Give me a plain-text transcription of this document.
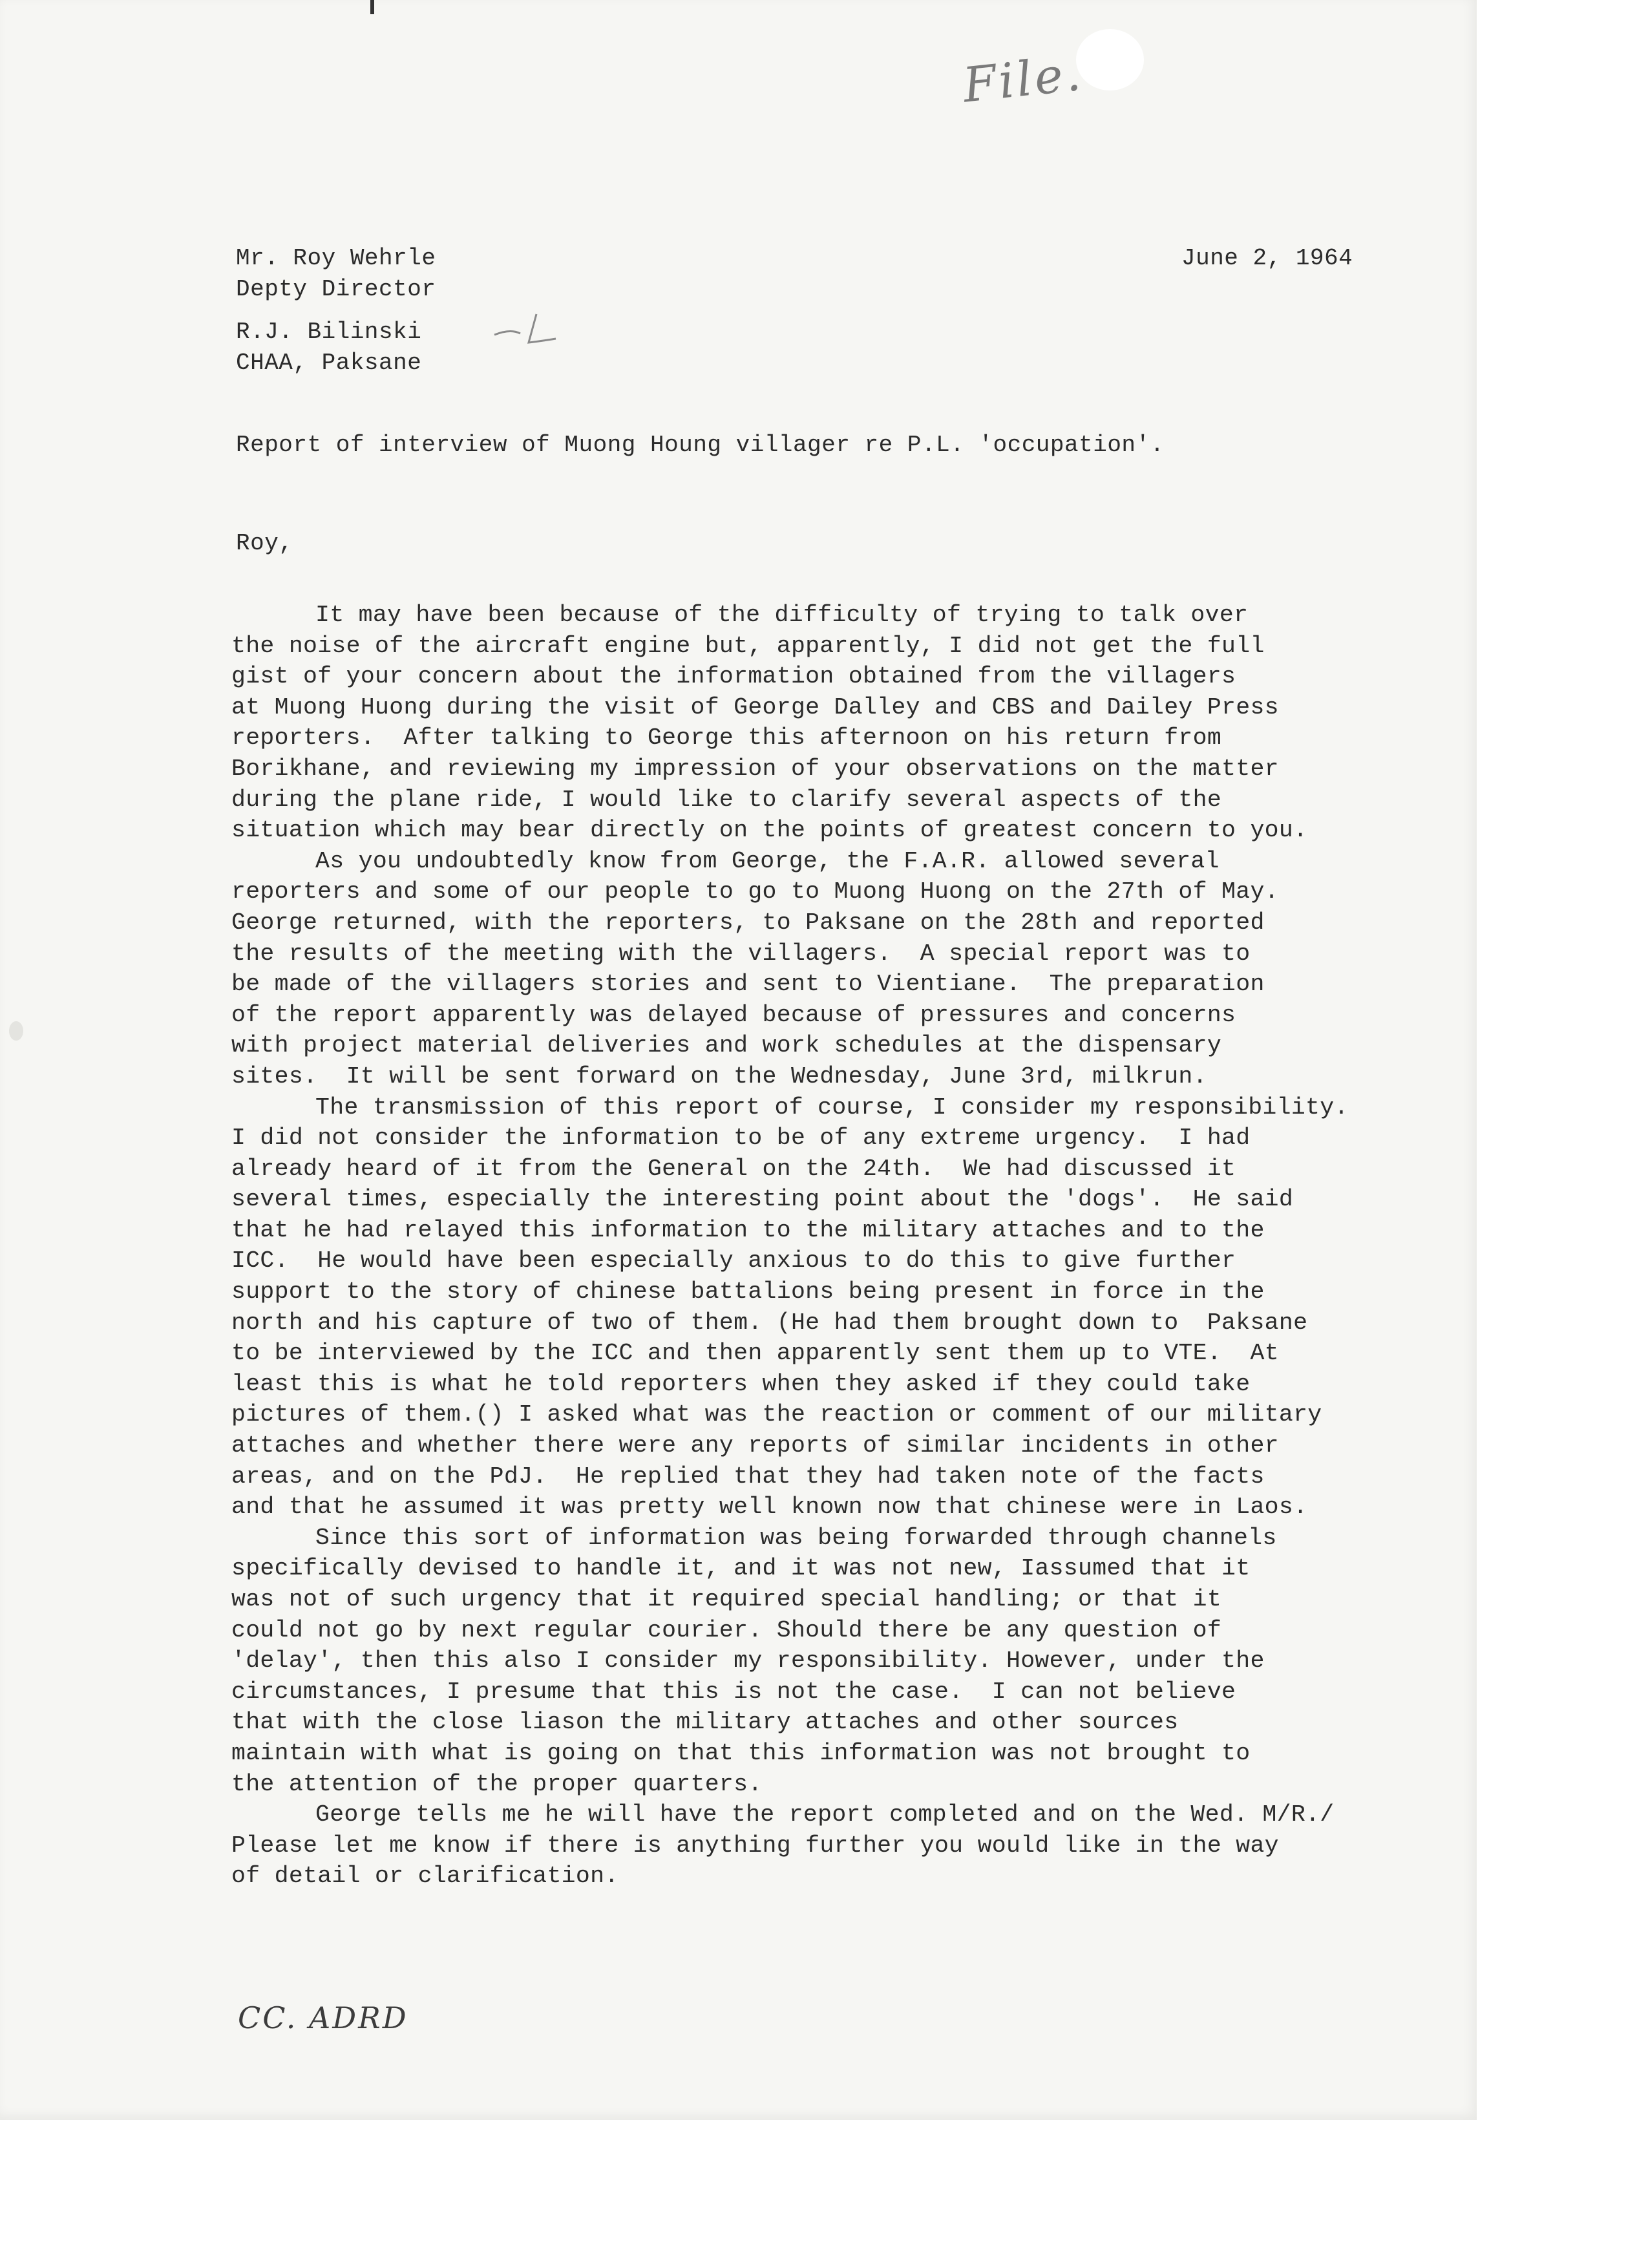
File.
June 2, 1964
Mr. Roy Wehrle
Depty Director
R.J. Bilinski
CHAA, Paksane
Report of interview of Muong Houng villager re P.L. 'occupation'.
Roy,

It may have been because of the difficulty of trying to talk over
the noise of the aircraft engine but, apparently, I did not get the full
gist of your concern about the information obtained from the villagers
at Muong Huong during the visit of George Dalley and CBS and Dailey Press
reporters.  After talking to George this afternoon on his return from
Borikhane, and reviewing my impression of your observations on the matter
during the plane ride, I would like to clarify several aspects of the
situation which may bear directly on the points of greatest concern to you.

As you undoubtedly know from George, the F.A.R. allowed several
reporters and some of our people to go to Muong Huong on the 27th of May.
George returned, with the reporters, to Paksane on the 28th and reported
the results of the meeting with the villagers.  A special report was to
be made of the villagers stories and sent to Vientiane.  The preparation
of the report apparently was delayed because of pressures and concerns
with project material deliveries and work schedules at the dispensary
sites.  It will be sent forward on the Wednesday, June 3rd, milkrun.

The transmission of this report of course, I consider my responsibility.
I did not consider the information to be of any extreme urgency.  I had
already heard of it from the General on the 24th.  We had discussed it
several times, especially the interesting point about the 'dogs'.  He said
that he had relayed this information to the military attaches and to the
ICC.  He would have been especially anxious to do this to give further
support to the story of chinese battalions being present in force in the
north and his capture of two of them. (He had them brought down to  Paksane
to be interviewed by the ICC and then apparently sent them up to VTE.  At
least this is what he told reporters when they asked if they could take
pictures of them.() I asked what was the reaction or comment of our military
attaches and whether there were any reports of similar incidents in other
areas, and on the PdJ.  He replied that they had taken note of the facts
and that he assumed it was pretty well known now that chinese were in Laos.

Since this sort of information was being forwarded through channels
specifically devised to handle it, and it was not new, Iassumed that it
was not of such urgency that it required special handling; or that it
could not go by next regular courier. Should there be any question of
'delay', then this also I consider my responsibility. However, under the
circumstances, I presume that this is not the case.  I can not believe
that with the close liason the military attaches and other sources
maintain with what is going on that this information was not brought to
the attention of the proper quarters.

George tells me he will have the report completed and on the Wed. M/R./
Please let me know if there is anything further you would like in the way
of detail or clarification.

CC. ADRD
